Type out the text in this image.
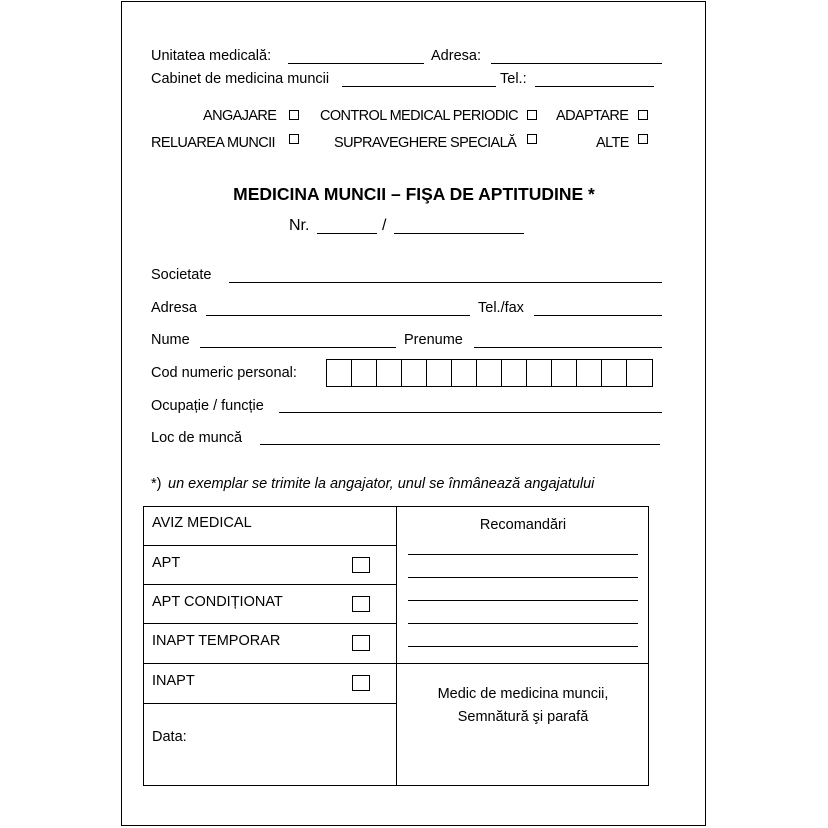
Unitatea medicală:	Adresa:
Cabinet de medicina muncii	Tel.:
ANGAJARE	CONTROL MEDICAL PERIODIC	ADAPTARE
RELUAREA MUNCII	SUPRAVEGHERE SPECIALĂ	ALTE
MEDICINA MUNCII – FIŞA DE APTITUDINE *
Nr.	/
Societate
Adresa	Tel./fax
Nume	Prenume
Cod numeric personal:
Ocupație / funcție
Loc de muncă
*) un exemplar se trimite la angajator, unul se înmânează angajatului
AVIZ MEDICAL
APT
APT CONDIȚIONAT
INAPT TEMPORAR
INAPT
Data:
Recomandări
Medic de medicina muncii,
Semnătură şi parafă
